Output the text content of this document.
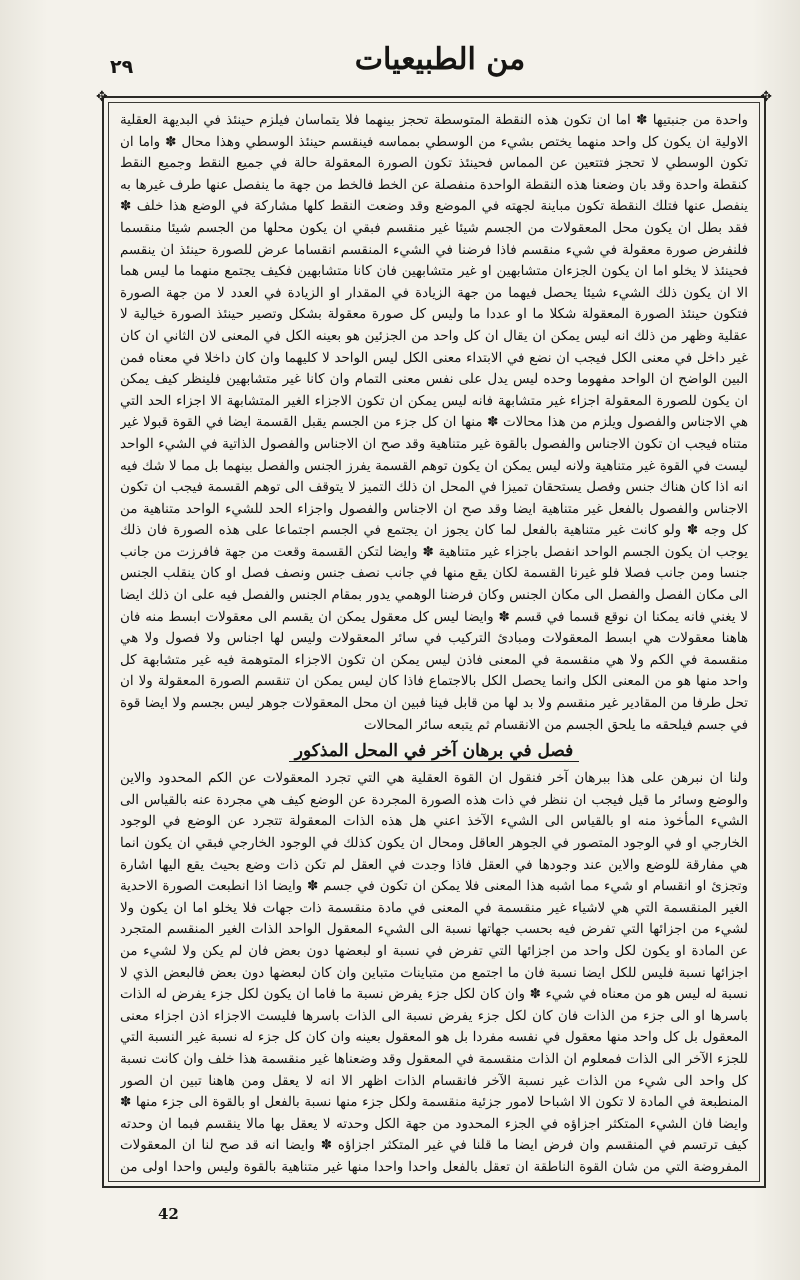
٢٩	من الطبيعيات
✥	✥

واحدة من جنبتيها ✽ اما ان تكون هذه النقطة المتوسطة تحجز بينهما فلا يتماسان فيلزم حينئذ في البديهة العقلية الاولية ان يكون كل واحد منهما يختص بشيء من الوسطي بمماسه فينقسم حينئذ الوسطي وهذا محال ✽ واما ان تكون الوسطي لا تحجز فتتعين عن المماس فحينئذ تكون الصورة المعقولة حالة في جميع النقط وجميع النقط كنقطة واحدة وقد بان وضعنا هذه النقطة الواحدة منفصلة عن الخط فالخط من جهة ما ينفصل عنها طرف غيرها به ينفصل عنها فتلك النقطة تكون مباينة لجهته في الموضع وقد وضعت النقط كلها مشاركة في الوضع هذا خلف ✽ فقد بطل ان يكون محل المعقولات من الجسم شيئا غير منقسم فبقي ان يكون محلها من الجسم شيئا منقسما فلنفرض صورة معقولة في شيء منقسم فاذا فرضنا في الشيء المنقسم انقساما عرض للصورة حينئذ ان ينقسم فحينئذ لا يخلو اما ان يكون الجزءان متشابهين او غير متشابهين فان كانا متشابهين فكيف يجتمع منهما ما ليس هما الا ان يكون ذلك الشيء شيئا يحصل فيهما من جهة الزيادة في المقدار او الزيادة في العدد لا من جهة الصورة فتكون حينئذ الصورة المعقولة شكلا ما او عددا ما وليس كل صورة معقولة بشكل وتصير حينئذ الصورة خيالية لا عقلية وظهر من ذلك انه ليس يمكن ان يقال ان كل واحد من الجزئين هو بعينه الكل في المعنى لان الثاني ان كان غير داخل في معنى الكل فيجب ان نضع في الابتداء معنى الكل ليس الواحد لا كليهما وان كان داخلا في معناه فمن البين الواضح ان الواحد مفهوما وحده ليس يدل على نفس معنى التمام وان كانا غير متشابهين فلينظر كيف يمكن ان يكون للصورة المعقولة اجزاء غير متشابهة فانه ليس يمكن ان تكون الاجزاء الغير المتشابهة الا اجزاء الحد التي هي الاجناس والفصول ويلزم من هذا محالات ✽ منها ان كل جزء من الجسم يقبل القسمة ايضا في القوة قبولا غير متناه فيجب ان تكون الاجناس والفصول بالقوة غير متناهية وقد صح ان الاجناس والفصول الذاتية في الشيء الواحد ليست في القوة غير متناهية ولانه ليس يمكن ان يكون توهم القسمة يفرز الجنس والفصل بينهما بل مما لا شك فيه انه اذا كان هناك جنس وفصل يستحقان تميزا في المحل ان ذلك التميز لا يتوقف الى توهم القسمة فيجب ان تكون الاجناس والفصول بالفعل غير متناهية ايضا وقد صح ان الاجناس والفصول واجزاء الحد للشيء الواحد متناهية من كل وجه ✽ ولو كانت غير متناهية بالفعل لما كان يجوز ان يجتمع في الجسم اجتماعا على هذه الصورة فان ذلك يوجب ان يكون الجسم الواحد انفصل باجزاء غير متناهية ✽ وايضا لتكن القسمة وقعت من جهة فافرزت من جانب جنسا ومن جانب فصلا فلو غيرنا القسمة لكان يقع منها في جانب نصف جنس ونصف فصل او كان ينقلب الجنس الى مكان الفصل والفصل الى مكان الجنس وكان فرضنا الوهمي يدور بمقام الجنس والفصل فيه على ان ذلك ايضا لا يغني فانه يمكنا ان نوقع قسما في قسم ✽ وايضا ليس كل معقول يمكن ان يقسم الى معقولات ابسط منه فان هاهنا معقولات هي ابسط المعقولات ومبادئ التركيب في سائر المعقولات وليس لها اجناس ولا فصول ولا هي منقسمة في الكم ولا هي منقسمة في المعنى فاذن ليس يمكن ان تكون الاجزاء المتوهمة فيه غير متشابهة كل واحد منها هو من المعنى الكل وانما يحصل الكل بالاجتماع فاذا كان ليس يمكن ان تنقسم الصورة المعقولة ولا ان تحل طرفا من المقادير غير منقسم ولا بد لها من قابل فينا فبين ان محل المعقولات جوهر ليس بجسم ولا ايضا قوة في جسم فيلحقه ما يلحق الجسم من الانقسام ثم يتبعه سائر المحالات

فصل في برهان آخر في المحل المذكور

ولنا ان نبرهن على هذا ببرهان آخر فنقول ان القوة العقلية هي التي تجرد المعقولات عن الكم المحدود والاين والوضع وسائر ما قيل فيجب ان ننظر في ذات هذه الصورة المجردة عن الوضع كيف هي مجردة عنه بالقياس الى الشيء المأخوذ منه او بالقياس الى الشيء الآخذ اعني هل هذه الذات المعقولة تتجرد عن الوضع في الوجود الخارجي او في الوجود المتصور في الجوهر العاقل ومحال ان يكون كذلك في الوجود الخارجي فبقي ان يكون انما هي مفارقة للوضع والاين عند وجودها في العقل فاذا وجدت في العقل لم تكن ذات وضع بحيث يقع اليها اشارة وتجزئ او انقسام او شيء مما اشبه هذا المعنى فلا يمكن ان تكون في جسم ✽ وايضا اذا انطبعت الصورة الاحدية الغير المنقسمة التي هي لاشياء غير منقسمة في المعنى في مادة منقسمة ذات جهات فلا يخلو اما ان يكون ولا لشيء من اجزائها التي تفرض فيه بحسب جهاتها نسبة الى الشيء المعقول الواحد الذات الغير المنقسم المتجرد عن المادة او يكون لكل واحد من اجزائها التي تفرض في نسبة او لبعضها دون بعض فان لم يكن ولا لشيء من اجزائها نسبة فليس للكل ايضا نسبة فان ما اجتمع من متباينات متباين وان كان لبعضها دون بعض فالبعض الذي لا نسبة له ليس هو من معناه في شيء ✽ وان كان لكل جزء يفرض نسبة ما فاما ان يكون لكل جزء يفرض له الذات باسرها او الى جزء من الذات فان كان لكل جزء يفرض نسبة الى الذات باسرها فليست الاجزاء اذن اجزاء معنى المعقول بل كل واحد منها معقول في نفسه مفردا بل هو المعقول بعينه وان كان كل جزء له نسبة غير النسبة التي للجزء الآخر الى الذات فمعلوم ان الذات منقسمة في المعقول وقد وضعناها غير منقسمة هذا خلف وان كانت نسبة كل واحد الى شيء من الذات غير نسبة الآخر فانقسام الذات اظهر الا انه لا يعقل ومن هاهنا تبين ان الصور المنطبعة في المادة لا تكون الا اشباحا لامور جزئية منقسمة ولكل جزء منها نسبة بالفعل او بالقوة الى جزء منها ✽ وايضا فان الشيء المتكثر اجزاؤه في الجزء المحدود من جهة الكل وحدته لا يعقل بها مالا ينقسم فبما ان وحدته كيف ترتسم في المنقسم وان فرض ايضا ما قلنا في غير المتكثر اجزاؤه ✽ وايضا انه قد صح لنا ان المعقولات المفروضة التي من شان القوة الناطقة ان تعقل بالفعل واحدا واحدا منها غير متناهية بالقوة وليس واحدا اولى من

42
